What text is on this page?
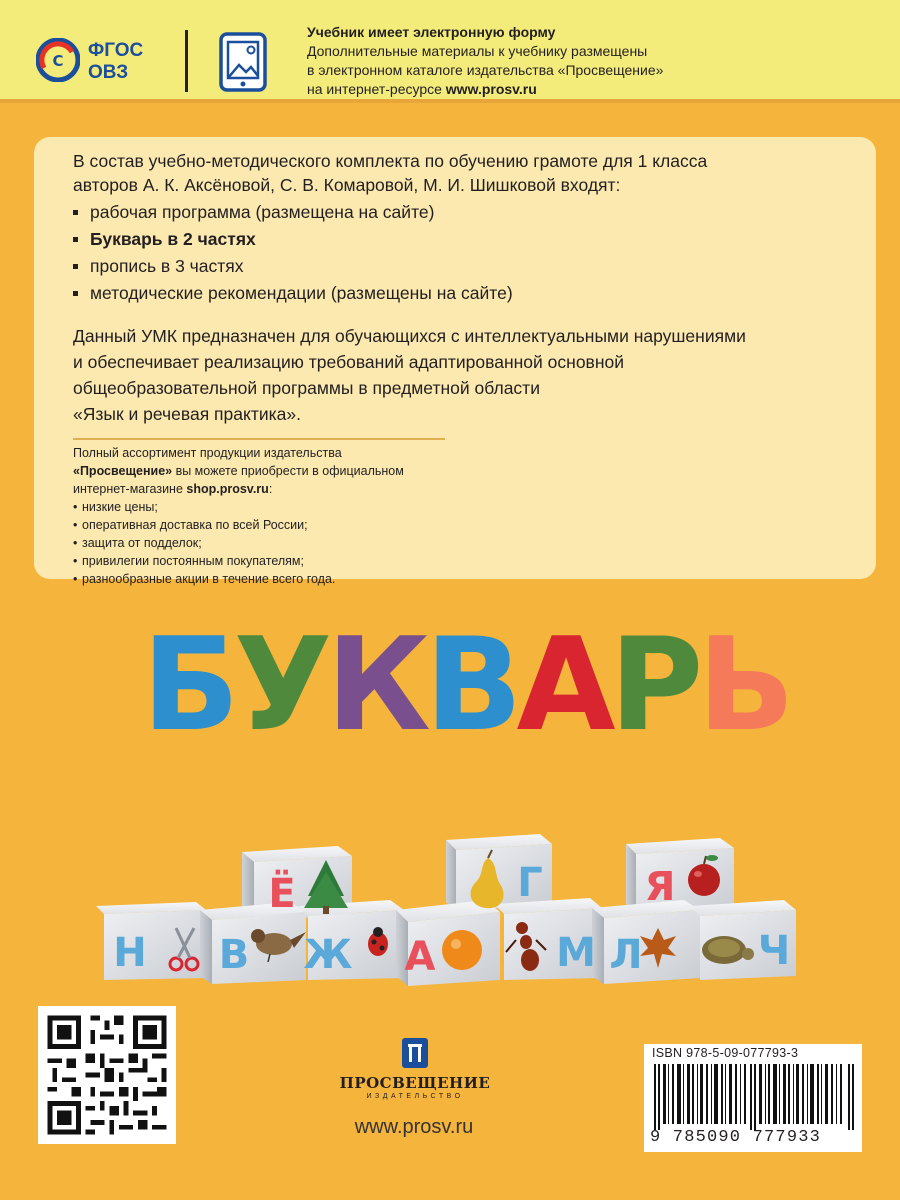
С ФГОС
ОВЗ
Учебник имеет электронную форму
Дополнительные материалы к учебнику размещены
в электронном каталоге издательства «Просвещение»
на интернет-ресурсе www.prosv.ru
В состав учебно-методического комплекта по обучению грамоте для 1 класса
авторов А. К. Аксёновой, С. В. Комаровой, М. И. Шишковой входят:
рабочая программа (размещена на сайте)
Букварь в 2 частях
пропись в 3 частях
методические рекомендации (размещены на сайте)
Данный УМК предназначен для обучающихся с интеллектуальными нарушениями
и обеспечивает реализацию требований адаптированной основной
общеобразовательной программы в предметной области
«Язык и речевая практика».
Полный ассортимент продукции издательства
«Просвещение» вы можете приобрести в официальном
интернет-магазине shop.prosv.ru:
• низкие цены;
• оперативная доставка по всей России;
• защита от подделок;
• привилегии постоянным покупателям;
• разнообразные акции в течение всего года.
БУКВАРЬ
Ё	Г	Я
Н В Ж А	М Л	Ч
ПРОСВЕЩЕНИЕ
ИЗДАТЕЛЬСТВО
www.prosv.ru
ISBN 978-5-09-077793-3
9 785090 777933
